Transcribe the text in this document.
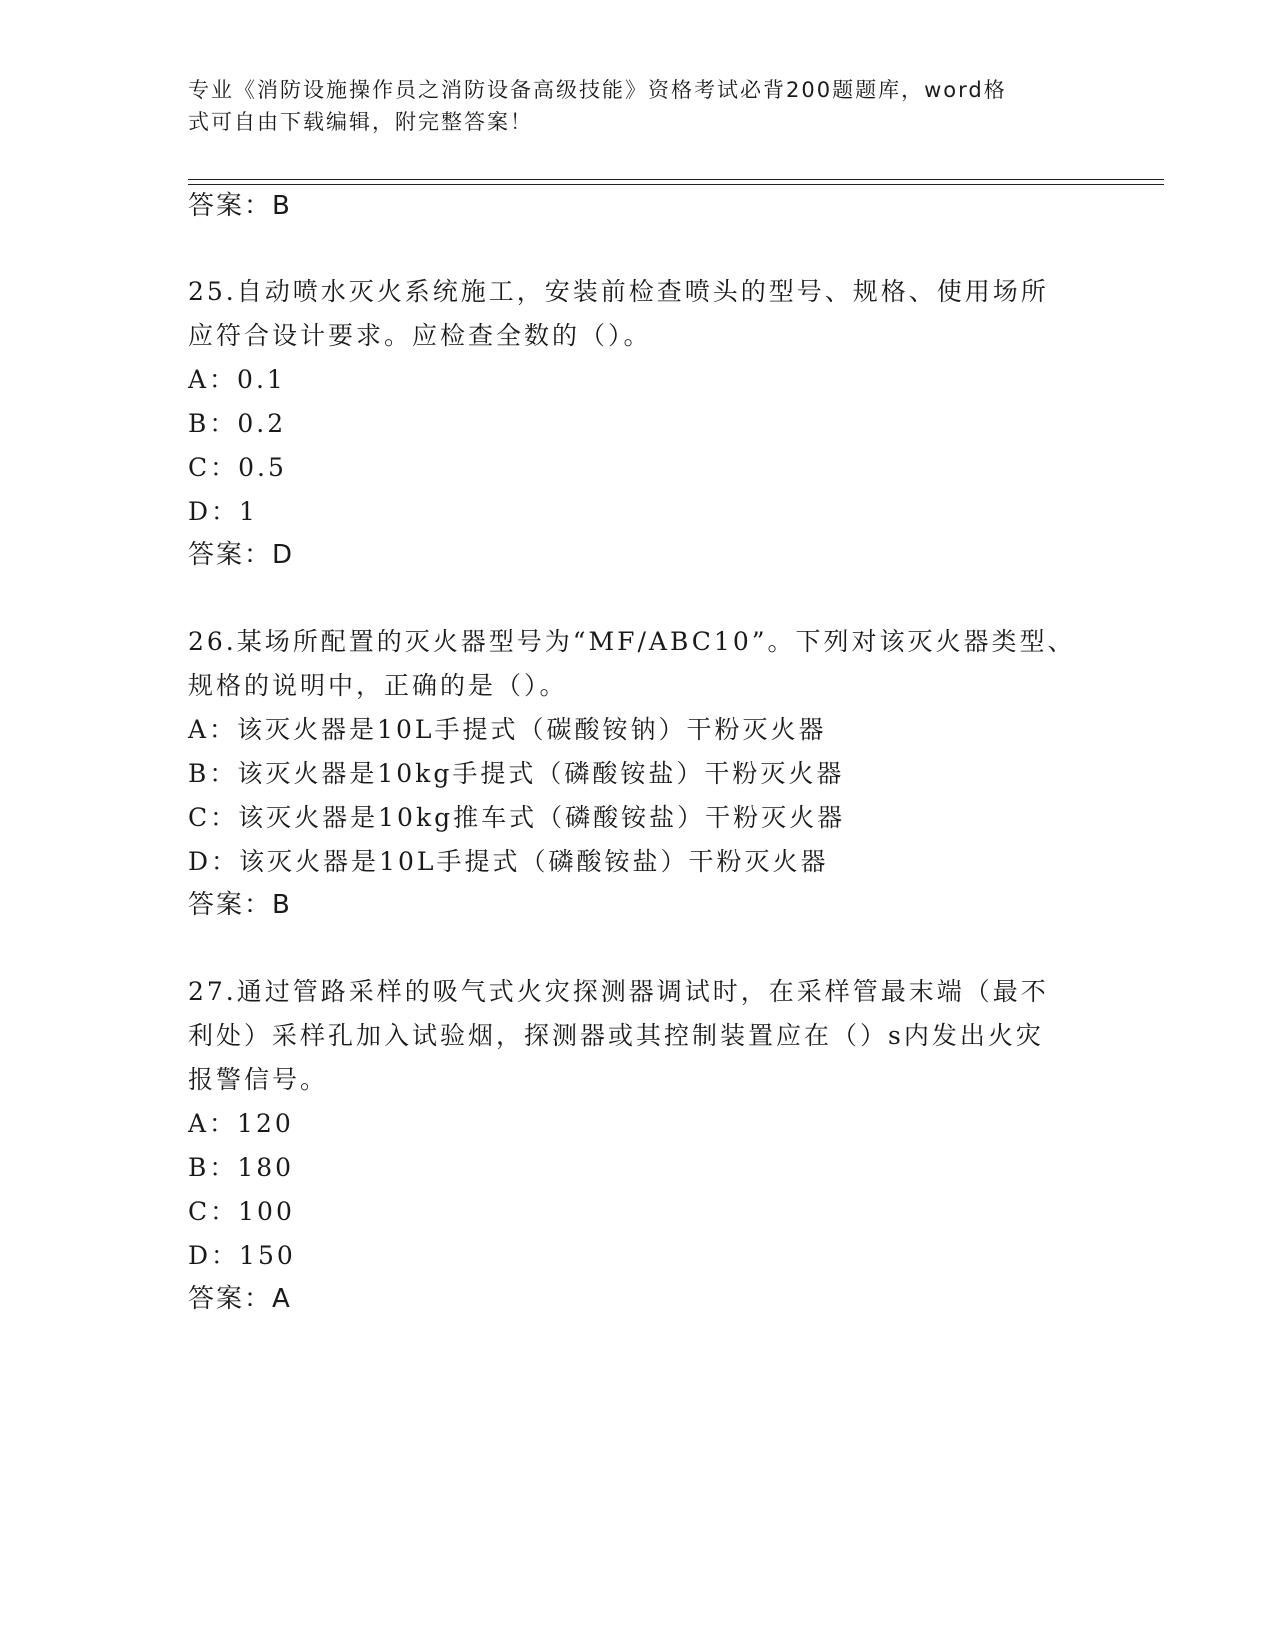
专业《消防设施操作员之消防设备高级技能》资格考试必背200题题库，word格
式可自由下载编辑，附完整答案！
答案：B
25.自动喷水灭火系统施工，安装前检查喷头的型号、规格、使用场所
应符合设计要求。应检查全数的（）。
A：0.1
B：0.2
C：0.5
D：1
答案：D
26.某场所配置的灭火器型号为“MF/ABC10”。下列对该灭火器类型、
规格的说明中，正确的是（）。
A：该灭火器是10L手提式（碳酸铵钠）干粉灭火器
B：该灭火器是10kg手提式（磷酸铵盐）干粉灭火器
C：该灭火器是10kg推车式（磷酸铵盐）干粉灭火器
D：该灭火器是10L手提式（磷酸铵盐）干粉灭火器
答案：B
27.通过管路采样的吸气式火灾探测器调试时，在采样管最末端（最不
利处）采样孔加入试验烟，探测器或其控制装置应在（）s内发出火灾
报警信号。
A：120
B：180
C：100
D：150
答案：A
